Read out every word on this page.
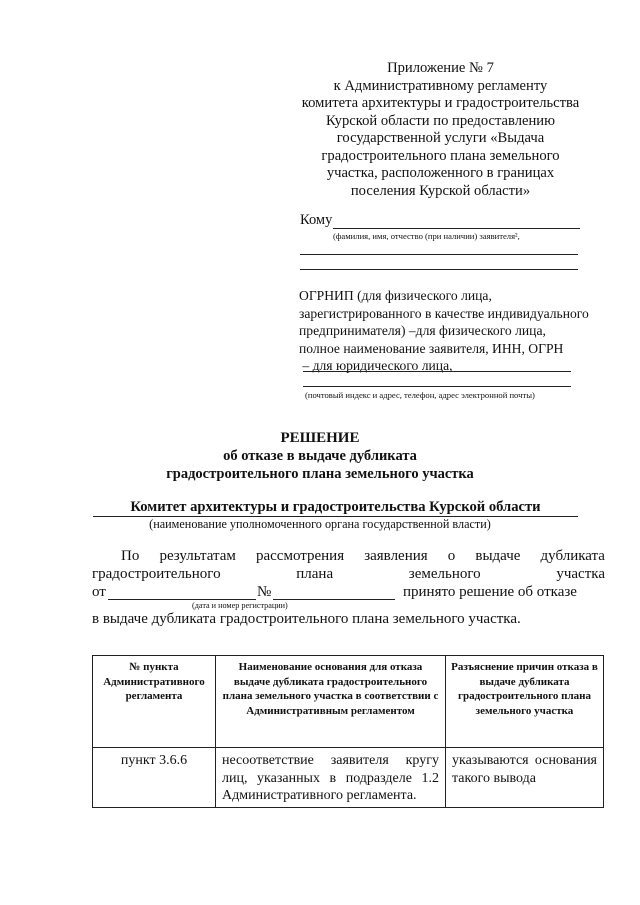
Приложение № 7
к Административному регламенту
комитета архитектуры и градостроительства
Курской области по предоставлению
государственной услуги «Выдача
градостроительного плана земельного
участка, расположенного в границах
поселения Курской области»
Кому
(фамилия, имя, отчество (при наличии) заявителя²,
ОГРНИП (для физического лица,
зарегистрированного в качестве индивидуального
предпринимателя) –для физического лица,
полное наименование заявителя, ИНН, ОГРН
– для юридического лица,
(почтовый индекс и адрес, телефон, адрес электронной почты)
РЕШЕНИЕ
об отказе в выдаче дубликата
градостроительного плана земельного участка
Комитет архитектуры и градостроительства Курской области
(наименование уполномоченного органа государственной власти)
По результатам рассмотрения заявления о выдаче дубликата
градостроительного	плана	земельного	участка
от	№	принято решение об отказе
(дата и номер регистрации)
в выдаче дубликата градостроительного плана земельного участка.
№ пункта Административного регламента	Наименование основания для отказа выдаче дубликата градостроительного плана земельного участка в соответствии с Административным регламентом	Разъяснение причин отказа в выдаче дубликата градостроительного плана земельного участка
пункт 3.6.6	несоответствие заявителя кругу лиц, указанных в подразделе 1.2 Административного регламента.	указываются основания такого вывода
